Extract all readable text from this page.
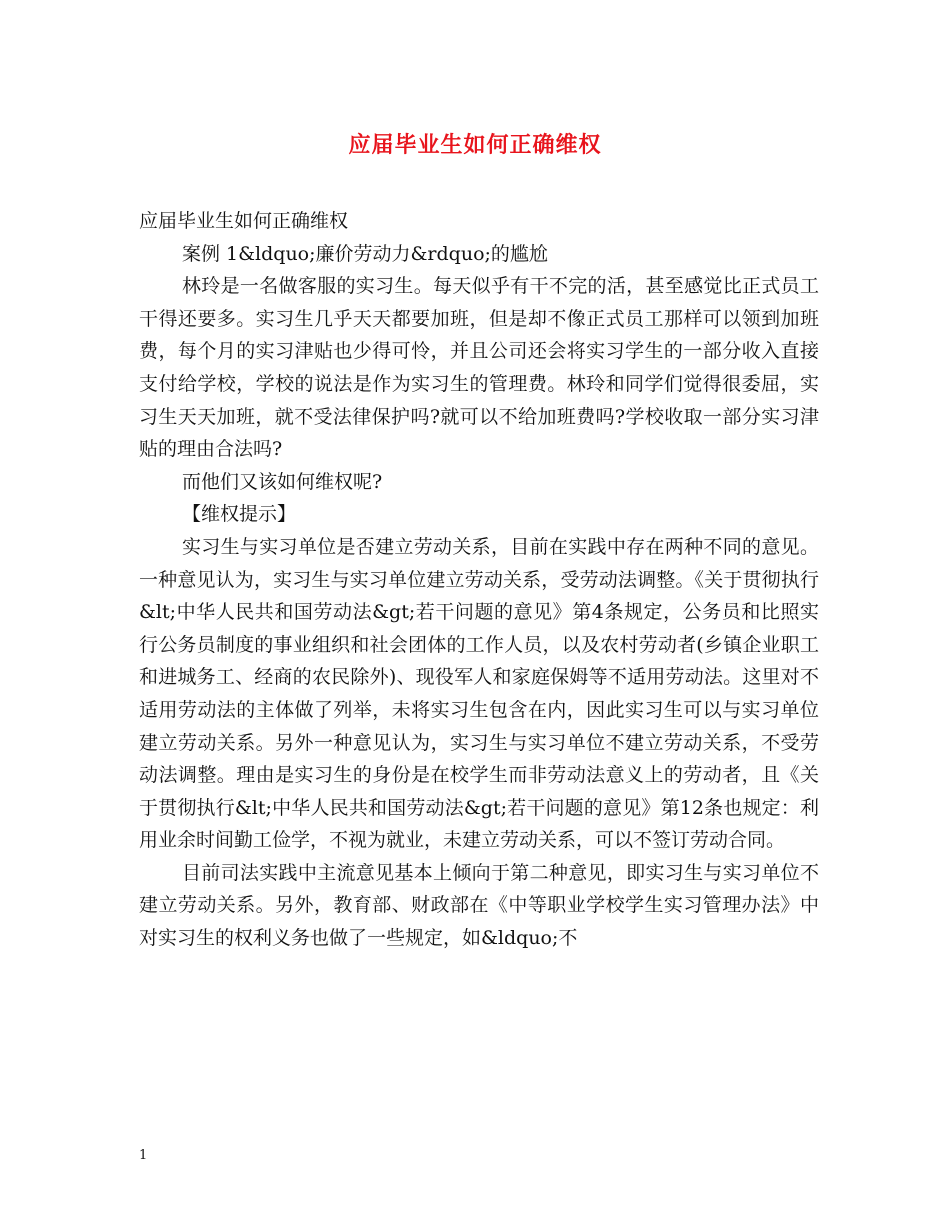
应届毕业生如何正确维权

应届毕业生如何正确维权

案例 1&ldquo;廉价劳动力&rdquo;的尴尬

林玲是一名做客服的实习生。每天似乎有干不完的活，甚至感觉比正式员工干得还要多。实习生几乎天天都要加班，但是却不像正式员工那样可以领到加班费，每个月的实习津贴也少得可怜，并且公司还会将实习学生的一部分收入直接支付给学校，学校的说法是作为实习生的管理费。林玲和同学们觉得很委屈，实习生天天加班，就不受法律保护吗?就可以不给加班费吗?学校收取一部分实习津贴的理由合法吗?

而他们又该如何维权呢?

【维权提示】

实习生与实习单位是否建立劳动关系，目前在实践中存在两种不同的意见。一种意见认为，实习生与实习单位建立劳动关系，受劳动法调整。《关于贯彻执行&lt;中华人民共和国劳动法&gt;若干问题的意见》第4条规定，公务员和比照实行公务员制度的事业组织和社会团体的工作人员，以及农村劳动者(乡镇企业职工和进城务工、经商的农民除外)、现役军人和家庭保姆等不适用劳动法。这里对不适用劳动法的主体做了列举，未将实习生包含在内，因此实习生可以与实习单位建立劳动关系。另外一种意见认为，实习生与实习单位不建立劳动关系，不受劳动法调整。理由是实习生的身份是在校学生而非劳动法意义上的劳动者，且《关于贯彻执行&lt;中华人民共和国劳动法&gt;若干问题的意见》第12条也规定：利用业余时间勤工俭学，不视为就业，未建立劳动关系，可以不签订劳动合同。

目前司法实践中主流意见基本上倾向于第二种意见，即实习生与实习单位不建立劳动关系。另外，教育部、财政部在《中等职业学校学生实习管理办法》中对实习生的权利义务也做了一些规定，如&ldquo;不

1
